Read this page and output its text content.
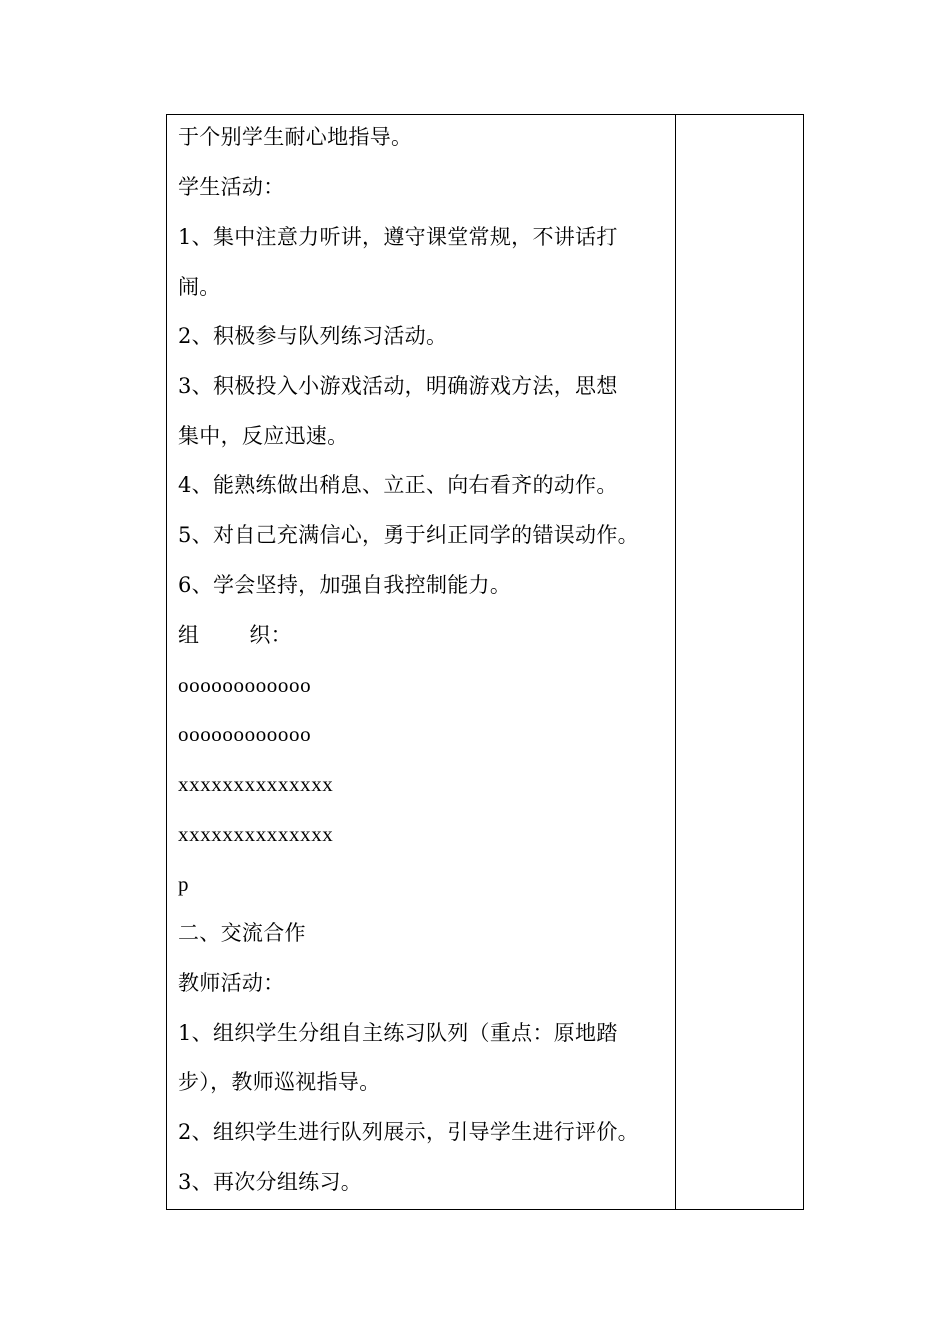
于个别学生耐心地指导。
学生活动：
1、集中注意力听讲，遵守课堂常规，不讲话打
闹。
2、积极参与队列练习活动。
3、积极投入小游戏活动，明确游戏方法，思想
集中，反应迅速。
4、能熟练做出稍息、立正、向右看齐的动作。
5、对自己充满信心，勇于纠正同学的错误动作。
6、学会坚持，加强自我控制能力。
组 织：
oooooooooooo
oooooooooooo
xxxxxxxxxxxxxx
xxxxxxxxxxxxxx
p
二、交流合作
教师活动：
1、组织学生分组自主练习队列（重点：原地踏
步），教师巡视指导。
2、组织学生进行队列展示，引导学生进行评价。
3、再次分组练习。
